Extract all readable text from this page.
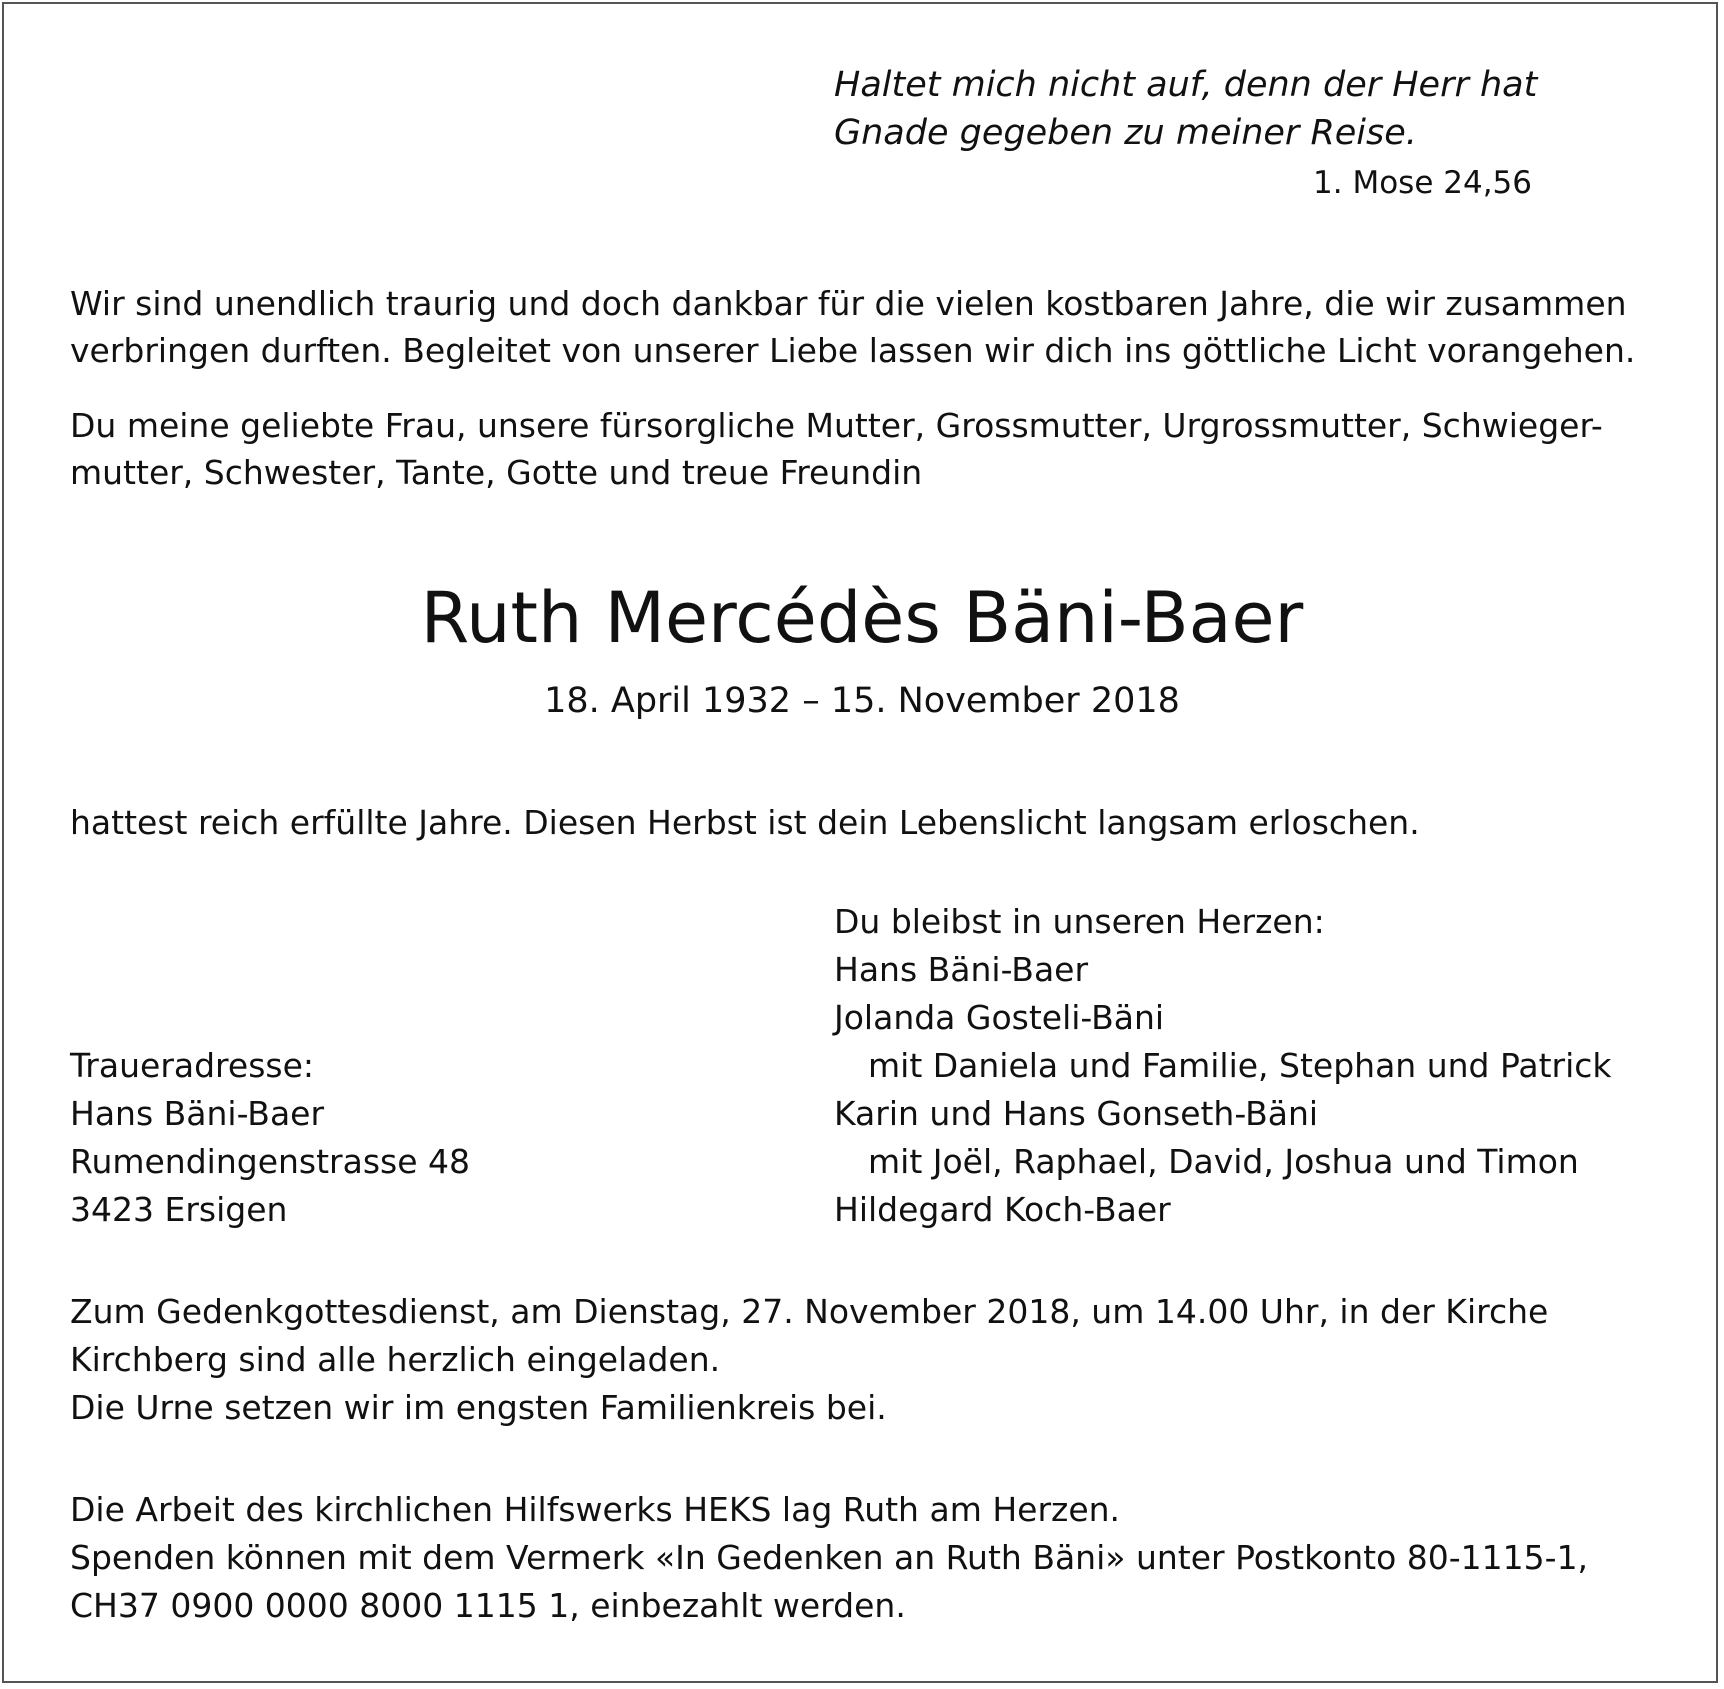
Haltet mich nicht auf, denn der Herr hat

Gnade gegeben zu meiner Reise.

1. Mose 24,56

Wir sind unendlich traurig und doch dankbar für die vielen kostbaren Jahre, die wir zusammen

verbringen durften. Begleitet von unserer Liebe lassen wir dich ins göttliche Licht vorangehen.

Du meine geliebte Frau, unsere fürsorgliche Mutter, Grossmutter, Urgrossmutter, Schwieger-

mutter, Schwester, Tante, Gotte und treue Freundin

Ruth Mercédès Bäni-Baer

18. April 1932 – 15. November 2018

hattest reich erfüllte Jahre. Diesen Herbst ist dein Lebenslicht langsam erloschen.

Du bleibst in unseren Herzen:

Hans Bäni-Baer

Jolanda Gosteli-Bäni

mit Daniela und Familie, Stephan und Patrick

Karin und Hans Gonseth-Bäni

mit Joël, Raphael, David, Joshua und Timon

Hildegard Koch-Baer

Traueradresse:

Hans Bäni-Baer

Rumendingenstrasse 48

3423 Ersigen

Zum Gedenkgottesdienst, am Dienstag, 27. November 2018, um 14.00 Uhr, in der Kirche

Kirchberg sind alle herzlich eingeladen.

Die Urne setzen wir im engsten Familienkreis bei.

Die Arbeit des kirchlichen Hilfswerks HEKS lag Ruth am Herzen.

Spenden können mit dem Vermerk «In Gedenken an Ruth Bäni» unter Postkonto 80-1115-1,

CH37 0900 0000 8000 1115 1, einbezahlt werden.
